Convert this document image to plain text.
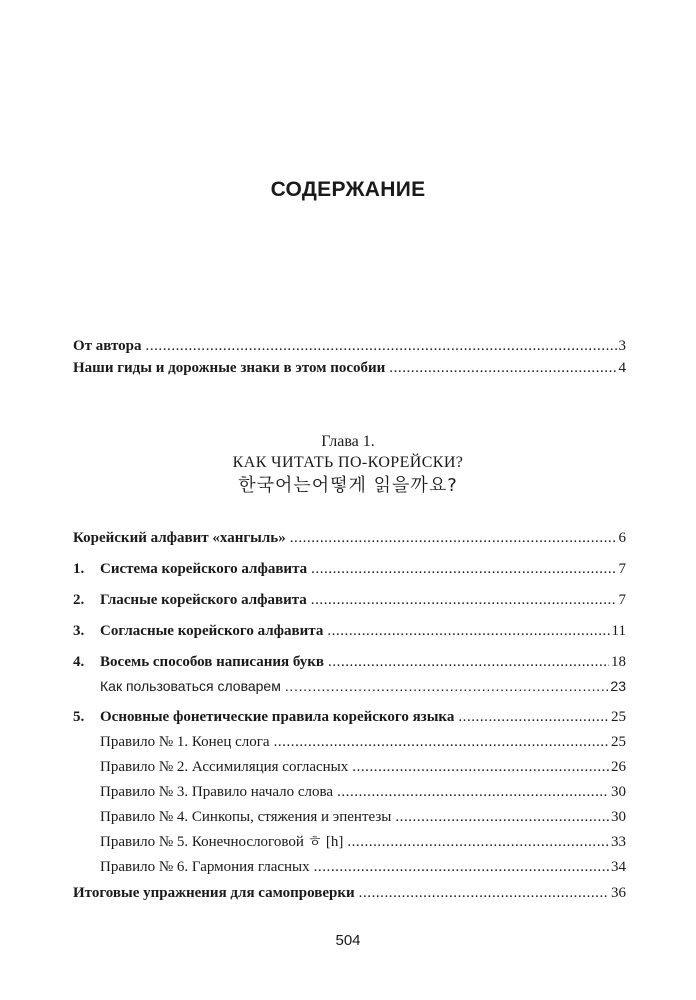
СОДЕРЖАНИЕ
От автора . . .	3
Наши гиды и дорожные знаки в этом пособии . . .	4
Глава 1.
КАК ЧИТАТЬ ПО-КОРЕЙСКИ?
한국어는어떻게 읽을까요?
Корейский алфавит «хангыль» . . .	6
1. Система корейского алфавита . . .	7
2. Гласные корейского алфавита . . .	7
3. Согласные корейского алфавита . . .	11
4. Восемь способов написания букв . . .	18
Как пользоваться словарем . . .	23
5. Основные фонетические правила корейского языка . . .	25
Правило № 1. Конец слога . . .	25
Правило № 2. Ассимиляция согласных . . .	26
Правило № 3. Правило начало слова . . .	30
Правило № 4. Синкопы, стяжения и эпентезы . . .	30
Правило № 5. Конечнослоговой ㅎ [h] . . .	33
Правило № 6. Гармония гласных . . .	34
Итоговые упражнения для самопроверки . . .	36
504
